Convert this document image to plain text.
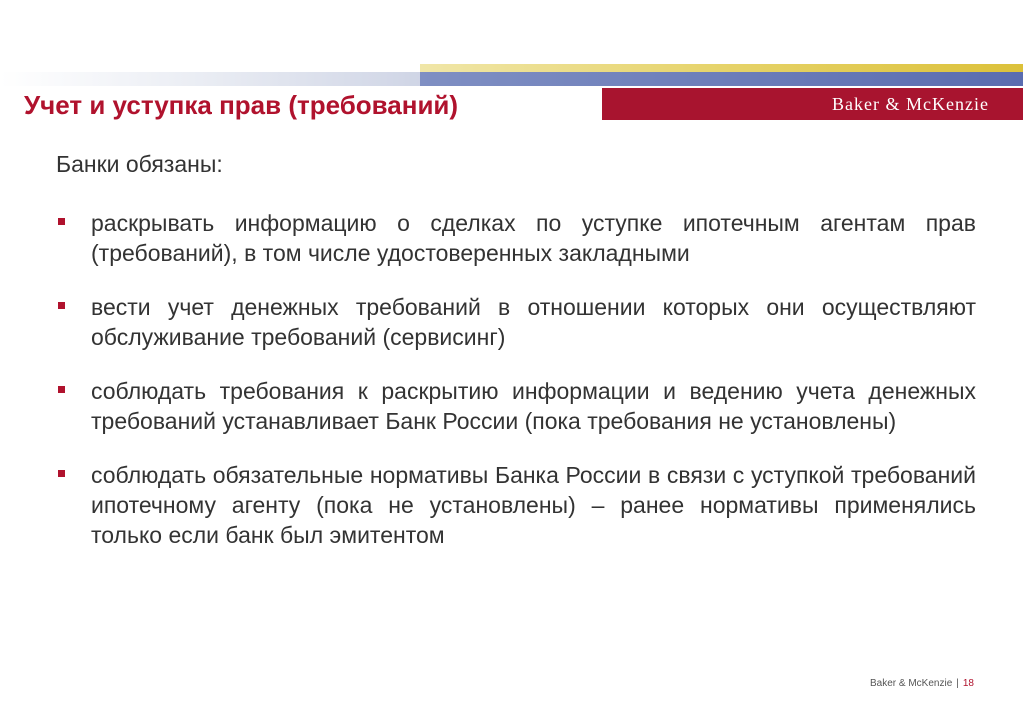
Учет и уступка прав (требований)	Baker & McKenzie

Банки обязаны:

раскрывать информацию о сделках по уступке ипотечным агентам прав (требований), в том числе удостоверенных закладными
вести учет денежных требований в отношении которых они осуществляют обслуживание требований (сервисинг)
соблюдать требования к раскрытию информации и ведению учета денежных требований устанавливает Банк России (пока требования не установлены)
соблюдать обязательные нормативы Банка России в связи с уступкой требований ипотечному агенту (пока не установлены) – ранее нормативы применялись только если банк был эмитентом
Baker & McKenzie | 18
